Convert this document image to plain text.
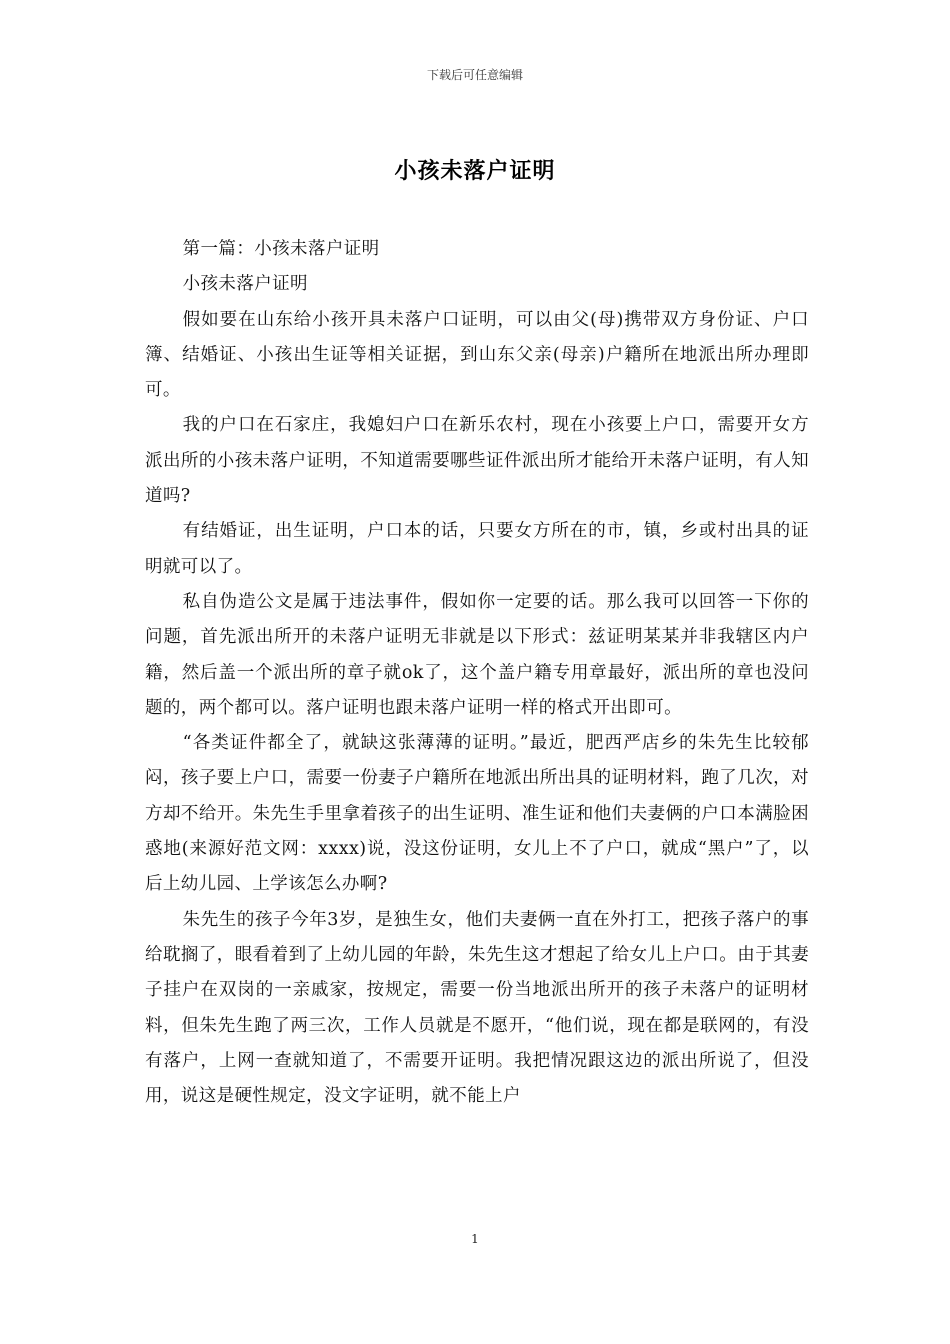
下载后可任意编辑
小孩未落户证明

第一篇：小孩未落户证明

小孩未落户证明

假如要在山东给小孩开具未落户口证明，可以由父(母)携带双方身份证、户口簿、结婚证、小孩出生证等相关证据，到山东父亲(母亲)户籍所在地派出所办理即可。

我的户口在石家庄，我媳妇户口在新乐农村，现在小孩要上户口，需要开女方派出所的小孩未落户证明，不知道需要哪些证件派出所才能给开未落户证明，有人知道吗?

有结婚证，出生证明，户口本的话，只要女方所在的市，镇，乡或村出具的证明就可以了。

私自伪造公文是属于违法事件，假如你一定要的话。那么我可以回答一下你的问题，首先派出所开的未落户证明无非就是以下形式：兹证明某某并非我辖区内户籍，然后盖一个派出所的章子就ok了，这个盖户籍专用章最好，派出所的章也没问题的，两个都可以。落户证明也跟未落户证明一样的格式开出即可。

“各类证件都全了，就缺这张薄薄的证明。”最近，肥西严店乡的朱先生比较郁闷，孩子要上户口，需要一份妻子户籍所在地派出所出具的证明材料，跑了几次，对方却不给开。朱先生手里拿着孩子的出生证明、准生证和他们夫妻俩的户口本满脸困惑地(来源好范文网：xxxx)说，没这份证明，女儿上不了户口，就成“黑户”了，以后上幼儿园、上学该怎么办啊?

朱先生的孩子今年3岁，是独生女，他们夫妻俩一直在外打工，把孩子落户的事给耽搁了，眼看着到了上幼儿园的年龄，朱先生这才想起了给女儿上户口。由于其妻子挂户在双岗的一亲戚家，按规定，需要一份当地派出所开的孩子未落户的证明材料，但朱先生跑了两三次，工作人员就是不愿开，“他们说，现在都是联网的，有没有落户，上网一查就知道了，不需要开证明。我把情况跟这边的派出所说了，但没用，说这是硬性规定，没文字证明，就不能上户

1
